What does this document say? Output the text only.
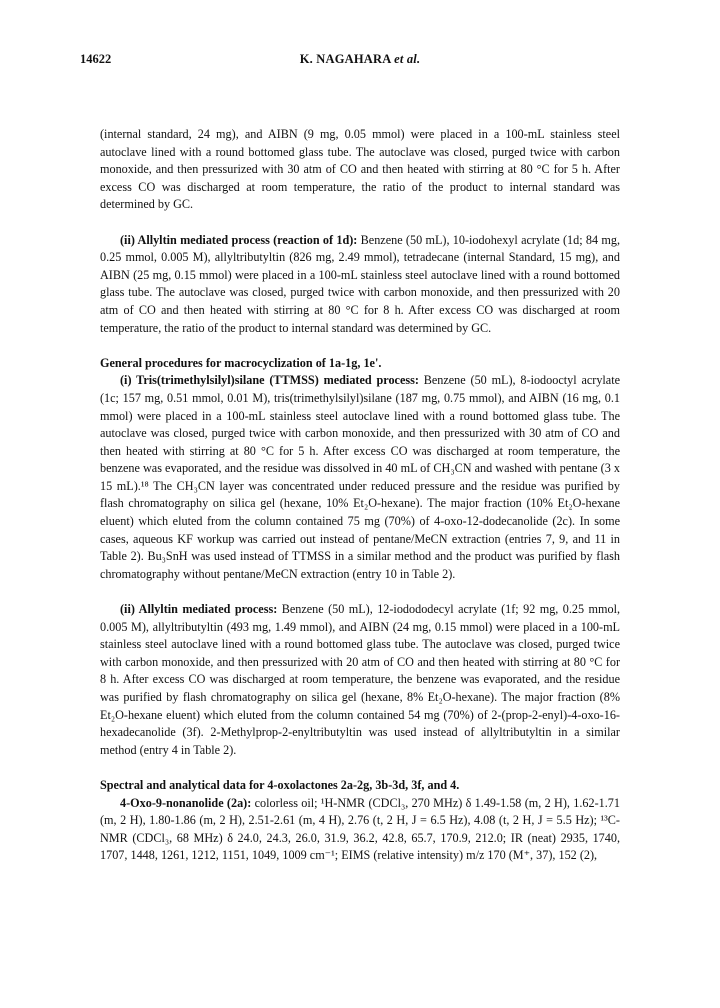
14622	K. NAGAHARA et al.

(internal standard, 24 mg), and AIBN (9 mg, 0.05 mmol) were placed in a 100-mL stainless steel autoclave lined with a round bottomed glass tube. The autoclave was closed, purged twice with carbon monoxide, and then pressurized with 30 atm of CO and then heated with stirring at 80 °C for 5 h. After excess CO was discharged at room temperature, the ratio of the product to internal standard was determined by GC.

(ii) Allyltin mediated process (reaction of 1d): Benzene (50 mL), 10-iodohexyl acrylate (1d; 84 mg, 0.25 mmol, 0.005 M), allyltributyltin (826 mg, 2.49 mmol), tetradecane (internal Standard, 15 mg), and AIBN (25 mg, 0.15 mmol) were placed in a 100-mL stainless steel autoclave lined with a round bottomed glass tube. The autoclave was closed, purged twice with carbon monoxide, and then pressurized with 20 atm of CO and then heated with stirring at 80 °C for 8 h. After excess CO was discharged at room temperature, the ratio of the product to internal standard was determined by GC.

General procedures for macrocyclization of 1a-1g, 1e'.

(i) Tris(trimethylsilyl)silane (TTMSS) mediated process: Benzene (50 mL), 8-iodooctyl acrylate (1c; 157 mg, 0.51 mmol, 0.01 M), tris(trimethylsilyl)silane (187 mg, 0.75 mmol), and AIBN (16 mg, 0.1 mmol) were placed in a 100-mL stainless steel autoclave lined with a round bottomed glass tube. The autoclave was closed, purged twice with carbon monoxide, and then pressurized with 30 atm of CO and then heated with stirring at 80 °C for 5 h. After excess CO was discharged at room temperature, the benzene was evaporated, and the residue was dissolved in 40 mL of CH₃CN and washed with pentane (3 x 15 mL).¹⁸ The CH₃CN layer was concentrated under reduced pressure and the residue was purified by flash chromatography on silica gel (hexane, 10% Et₂O-hexane). The major fraction (10% Et₂O-hexane eluent) which eluted from the column contained 75 mg (70%) of 4-oxo-12-dodecanolide (2c). In some cases, aqueous KF workup was carried out instead of pentane/MeCN extraction (entries 7, 9, and 11 in Table 2). Bu₃SnH was used instead of TTMSS in a similar method and the product was purified by flash chromatography without pentane/MeCN extraction (entry 10 in Table 2).

(ii) Allyltin mediated process: Benzene (50 mL), 12-iodododecyl acrylate (1f; 92 mg, 0.25 mmol, 0.005 M), allyltributyltin (493 mg, 1.49 mmol), and AIBN (24 mg, 0.15 mmol) were placed in a 100-mL stainless steel autoclave lined with a round bottomed glass tube. The autoclave was closed, purged twice with carbon monoxide, and then pressurized with 20 atm of CO and then heated with stirring at 80 °C for 8 h. After excess CO was discharged at room temperature, the benzene was evaporated, and the residue was purified by flash chromatography on silica gel (hexane, 8% Et₂O-hexane). The major fraction (8% Et₂O-hexane eluent) which eluted from the column contained 54 mg (70%) of 2-(prop-2-enyl)-4-oxo-16-hexadecanolide (3f). 2-Methylprop-2-enyltributyltin was used instead of allyltributyltin in a similar method (entry 4 in Table 2).

Spectral and analytical data for 4-oxolactones 2a-2g, 3b-3d, 3f, and 4.

4-Oxo-9-nonanolide (2a): colorless oil; ¹H-NMR (CDCl₃, 270 MHz) δ 1.49-1.58 (m, 2 H), 1.62-1.71 (m, 2 H), 1.80-1.86 (m, 2 H), 2.51-2.61 (m, 4 H), 2.76 (t, 2 H, J = 6.5 Hz), 4.08 (t, 2 H, J = 5.5 Hz); ¹³C-NMR (CDCl₃, 68 MHz) δ 24.0, 24.3, 26.0, 31.9, 36.2, 42.8, 65.7, 170.9, 212.0; IR (neat) 2935, 1740, 1707, 1448, 1261, 1212, 1151, 1049, 1009 cm⁻¹; EIMS (relative intensity) m/z 170 (M⁺, 37), 152 (2),
